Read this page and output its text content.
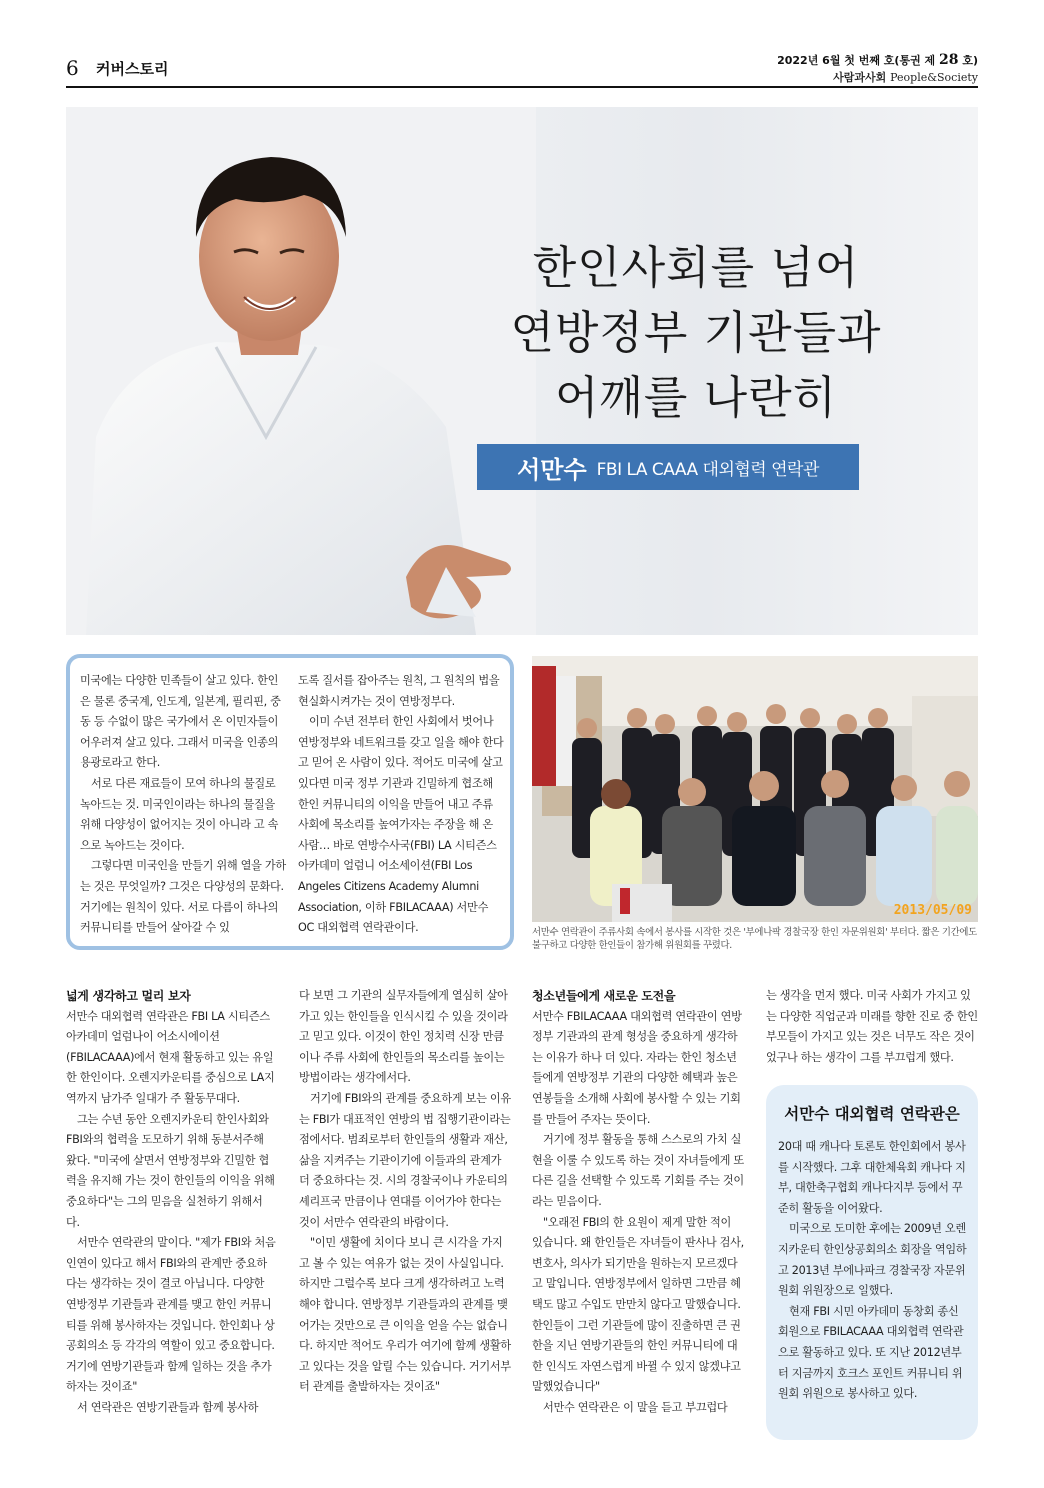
6 커버스토리	2022년 6월 첫 번째 호(통권 제 28 호)
사람과사회 People&Society
한인사회를 넘어
연방정부 기관들과
어깨를 나란히
서만수 FBI LA CAAA 대외협력 연락관

미국에는 다양한 민족들이 살고 있다. 한인은 물론 중국계, 인도계, 일본계, 필리핀, 중동 등 수없이 많은 국가에서 온 이민자들이 어우러져 살고 있다. 그래서 미국을 인종의 용광로라고 한다.

서로 다른 재료들이 모여 하나의 물질로 녹아드는 것. 미국인이라는 하나의 물질을 위해 다양성이 없어지는 것이 아니라 고 속으로 녹아드는 것이다.

그렇다면 미국인을 만들기 위해 열을 가하는 것은 무엇일까? 그것은 다양성의 문화다. 거기에는 원칙이 있다. 서로 다름이 하나의 커뮤니티를 만들어 살아갈 수 있

도록 질서를 잡아주는 원칙, 그 원칙의 법을 현실화시켜가는 것이 연방정부다.

이미 수년 전부터 한인 사회에서 벗어나 연방정부와 네트워크를 갖고 일을 해야 한다고 믿어 온 사람이 있다. 적어도 미국에 살고 있다면 미국 정부 기관과 긴밀하게 협조해 한인 커뮤니티의 이익을 만들어 내고 주류 사회에 목소리를 높여가자는 주장을 해 온 사람… 바로 연방수사국(FBI) LA 시티즌스 아카데미 얼럼니 어소세이션(FBI Los Angeles Citizens Academy Alumni Association, 이하 FBILACAAA) 서만수 OC 대외협력 연락관이다.

2013/05/09
서만수 연락관이 주류사회 속에서 봉사를 시작한 것은 '부에나팍 경찰국장 한인 자문위원회' 부터다. 짧은 기간에도 불구하고 다양한 한인들이 참가해 위원회를 꾸렸다.
넓게 생각하고 멀리 보자

서만수 대외협력 연락관은 FBI LA 시티즌스 아카데미 얼럼나이 어소시에이션(FBILACAAA)에서 현재 활동하고 있는 유일한 한인이다. 오렌지카운티를 중심으로 LA지역까지 남가주 일대가 주 활동무대다.

그는 수년 동안 오렌지카운티 한인사회와 FBI와의 협력을 도모하기 위해 동분서주해 왔다. "미국에 살면서 연방정부와 긴밀한 협력을 유지해 가는 것이 한인들의 이익을 위해 중요하다"는 그의 믿음을 실천하기 위해서다.

서만수 연락관의 말이다. "제가 FBI와 처음 인연이 있다고 해서 FBI와의 관계만 중요하다는 생각하는 것이 결코 아닙니다. 다양한 연방정부 기관들과 관계를 맺고 한인 커뮤니티를 위해 봉사하자는 것입니다. 한인회나 상공회의소 등 각각의 역할이 있고 중요합니다. 거기에 연방기관들과 함께 일하는 것을 추가하자는 것이죠"

서 연락관은 연방기관들과 함께 봉사하

다 보면 그 기관의 실무자들에게 열심히 살아가고 있는 한인들을 인식시킬 수 있을 것이라고 믿고 있다. 이것이 한인 정치력 신장 만큼이나 주류 사회에 한인들의 목소리를 높이는 방법이라는 생각에서다.

거기에 FBI와의 관계를 중요하게 보는 이유는 FBI가 대표적인 연방의 법 집행기관이라는 점에서다. 범죄로부터 한인들의 생활과 재산, 삶을 지켜주는 기관이기에 이들과의 관계가 더 중요하다는 것. 시의 경찰국이나 카운티의 셰리프국 만큼이나 연대를 이어가야 한다는 것이 서만수 연락관의 바람이다.

"이민 생활에 치이다 보니 큰 시각을 가지고 볼 수 있는 여유가 없는 것이 사실입니다. 하지만 그럴수록 보다 크게 생각하려고 노력해야 합니다. 연방정부 기관들과의 관계를 맺어가는 것만으로 큰 이익을 얻을 수는 없습니다. 하지만 적어도 우리가 여기에 함께 생활하고 있다는 것을 알릴 수는 있습니다. 거기서부터 관계를 출발하자는 것이죠"

청소년들에게 새로운 도전을

서만수 FBILACAAA 대외협력 연락관이 연방정부 기관과의 관계 형성을 중요하게 생각하는 이유가 하나 더 있다. 자라는 한인 청소년들에게 연방정부 기관의 다양한 혜택과 높은 연봉들을 소개해 사회에 봉사할 수 있는 기회를 만들어 주자는 뜻이다.

거기에 정부 활동을 통해 스스로의 가치 실현을 이룰 수 있도록 하는 것이 자녀들에게 또 다른 길을 선택할 수 있도록 기회를 주는 것이라는 믿음이다.

"오래전 FBI의 한 요원이 제게 말한 적이 있습니다. 왜 한인들은 자녀들이 판사나 검사, 변호사, 의사가 되기만을 원하는지 모르겠다고 말입니다. 연방정부에서 일하면 그만큼 혜택도 많고 수입도 만만치 않다고 말했습니다. 한인들이 그런 기관들에 많이 진출하면 큰 권한을 지닌 연방기관들의 한인 커뮤니티에 대한 인식도 자연스럽게 바뀔 수 있지 않겠냐고 말했었습니다"

서만수 연락관은 이 말을 듣고 부끄럽다

는 생각을 먼저 했다. 미국 사회가 가지고 있는 다양한 직업군과 미래를 향한 진로 중 한인 부모들이 가지고 있는 것은 너무도 작은 것이었구나 하는 생각이 그를 부끄럽게 했다.

서만수 대외협력 연락관은

20대 때 캐나다 토론토 한인회에서 봉사를 시작했다. 그후 대한체육회 캐나다 지부, 대한축구협회 캐나다지부 등에서 꾸준히 활동을 이어왔다.

미국으로 도미한 후에는 2009년 오렌지카운티 한인상공회의소 회장을 역임하고 2013년 부에나파크 경찰국장 자문위원회 위원장으로 일했다.

현재 FBI 시민 아카데미 동창회 종신회원으로 FBILACAAA 대외협력 연락관으로 활동하고 있다. 또 지난 2012년부터 지금까지 호크스 포인트 커뮤니티 위원회 위원으로 봉사하고 있다.
